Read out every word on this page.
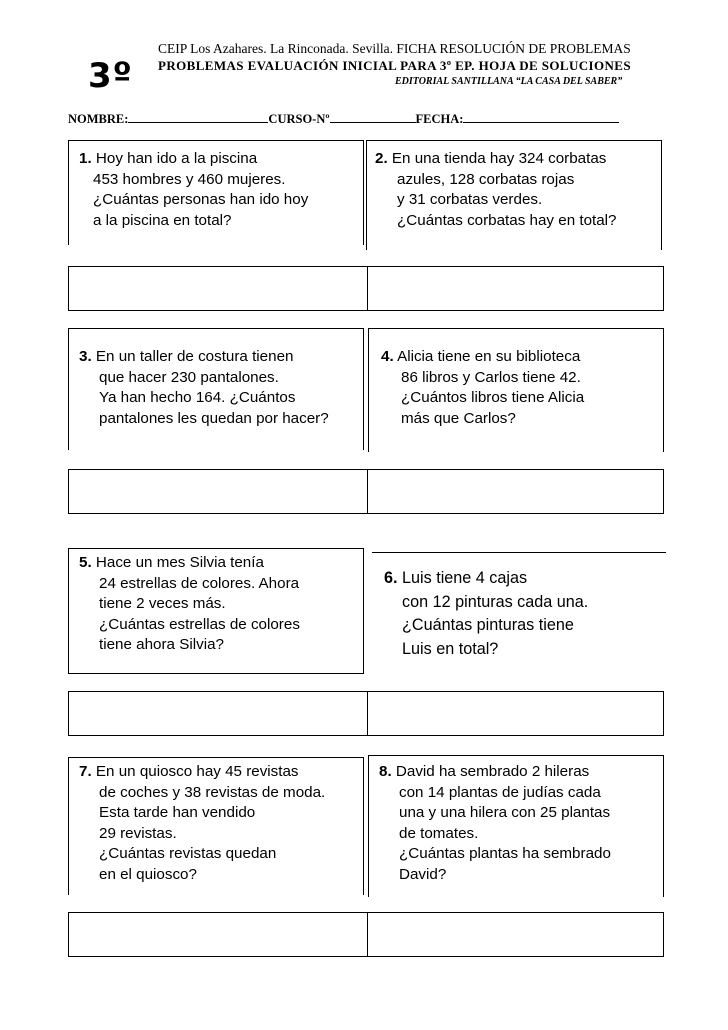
3º
CEIP Los Azahares. La Rinconada. Sevilla. FICHA RESOLUCIÓN DE PROBLEMAS
PROBLEMAS EVALUACIÓN INICIAL PARA 3º EP. HOJA DE SOLUCIONES
EDITORIAL SANTILLANA “LA CASA DEL SABER”
NOMBRE:	CURSO-Nº	FECHA:
1. Hoy han ido a la piscina
453 hombres y 460 mujeres.
¿Cuántas personas han ido hoy
a la piscina en total?
2. En una tienda hay 324 corbatas
azules, 128 corbatas rojas
y 31 corbatas verdes.
¿Cuántas corbatas hay en total?
3. En un taller de costura tienen
que hacer 230 pantalones.
Ya han hecho 164. ¿Cuántos
pantalones les quedan por hacer?
4. Alicia tiene en su biblioteca
86 libros y Carlos tiene 42.
¿Cuántos libros tiene Alicia
más que Carlos?
5. Hace un mes Silvia tenía
24 estrellas de colores. Ahora
tiene 2 veces más.
¿Cuántas estrellas de colores
tiene ahora Silvia?
6. Luis tiene 4 cajas
con 12 pinturas cada una.
¿Cuántas pinturas tiene
Luis en total?
7. En un quiosco hay 45 revistas
de coches y 38 revistas de moda.
Esta tarde han vendido
29 revistas.
¿Cuántas revistas quedan
en el quiosco?
8. David ha sembrado 2 hileras
con 14 plantas de judías cada
una y una hilera con 25 plantas
de tomates.
¿Cuántas plantas ha sembrado
David?
